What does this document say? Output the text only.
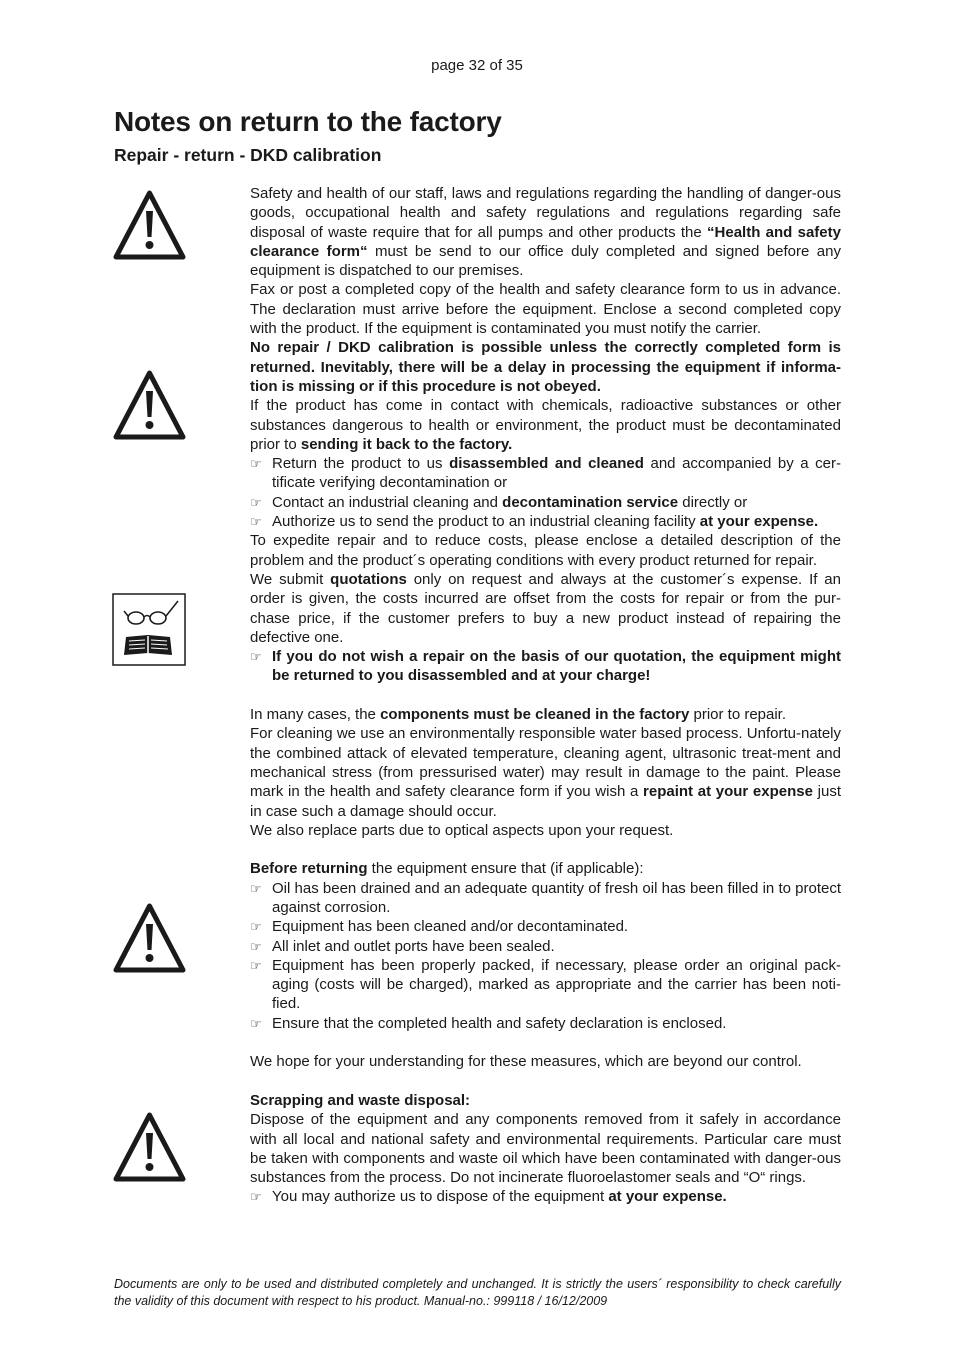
page 32 of 35
Notes on return to the factory
Repair - return - DKD calibration

Safety and health of our staff, laws and regulations regarding the handling of danger-ous goods, occupational health and safety regulations and regulations regarding safe disposal of waste require that for all pumps and other products the “Health and safety clearance form“ must be send to our office duly completed and signed before any equipment is dispatched to our premises.

Fax or post a completed copy of the health and safety clearance form to us in advance. The declaration must arrive before the equipment. Enclose a second completed copy with the product. If the equipment is contaminated you must notify the carrier.

No repair / DKD calibration is possible unless the correctly completed form is returned. Inevitably, there will be a delay in processing the equipment if informa-tion is missing or if this procedure is not obeyed.

If the product has come in contact with chemicals, radioactive substances or other substances dangerous to health or environment, the product must be decontaminated prior to sending it back to the factory.

☞ Return the product to us disassembled and cleaned and accompanied by a cer-tificate verifying decontamination or
☞ Contact an industrial cleaning and decontamination service directly or
☞ Authorize us to send the product to an industrial cleaning facility at your expense.

To expedite repair and to reduce costs, please enclose a detailed description of the problem and the product´s operating conditions with every product returned for repair.

We submit quotations only on request and always at the customer´s expense. If an order is given, the costs incurred are offset from the costs for repair or from the pur-chase price, if the customer prefers to buy a new product instead of repairing the defective one.

☞ If you do not wish a repair on the basis of our quotation, the equipment might be returned to you disassembled and at your charge!

In many cases, the components must be cleaned in the factory prior to repair.

For cleaning we use an environmentally responsible water based process. Unfortu-nately the combined attack of elevated temperature, cleaning agent, ultrasonic treat-ment and mechanical stress (from pressurised water) may result in damage to the paint. Please mark in the health and safety clearance form if you wish a repaint at your expense just in case such a damage should occur.

We also replace parts due to optical aspects upon your request.

Before returning the equipment ensure that (if applicable):

☞ Oil has been drained and an adequate quantity of fresh oil has been filled in to protect against corrosion.
☞ Equipment has been cleaned and/or decontaminated.
☞ All inlet and outlet ports have been sealed.
☞ Equipment has been properly packed, if necessary, please order an original pack-aging (costs will be charged), marked as appropriate and the carrier has been noti-fied.
☞ Ensure that the completed health and safety declaration is enclosed.

We hope for your understanding for these measures, which are beyond our control.

Scrapping and waste disposal:

Dispose of the equipment and any components removed from it safely in accordance with all local and national safety and environmental requirements. Particular care must be taken with components and waste oil which have been contaminated with danger-ous substances from the process. Do not incinerate fluoroelastomer seals and “O“ rings.

☞ You may authorize us to dispose of the equipment at your expense.
Documents are only to be used and distributed completely and unchanged. It is strictly the users´ responsibility to check carefully the validity of this document with respect to his product. Manual-no.: 999118 / 16/12/2009
